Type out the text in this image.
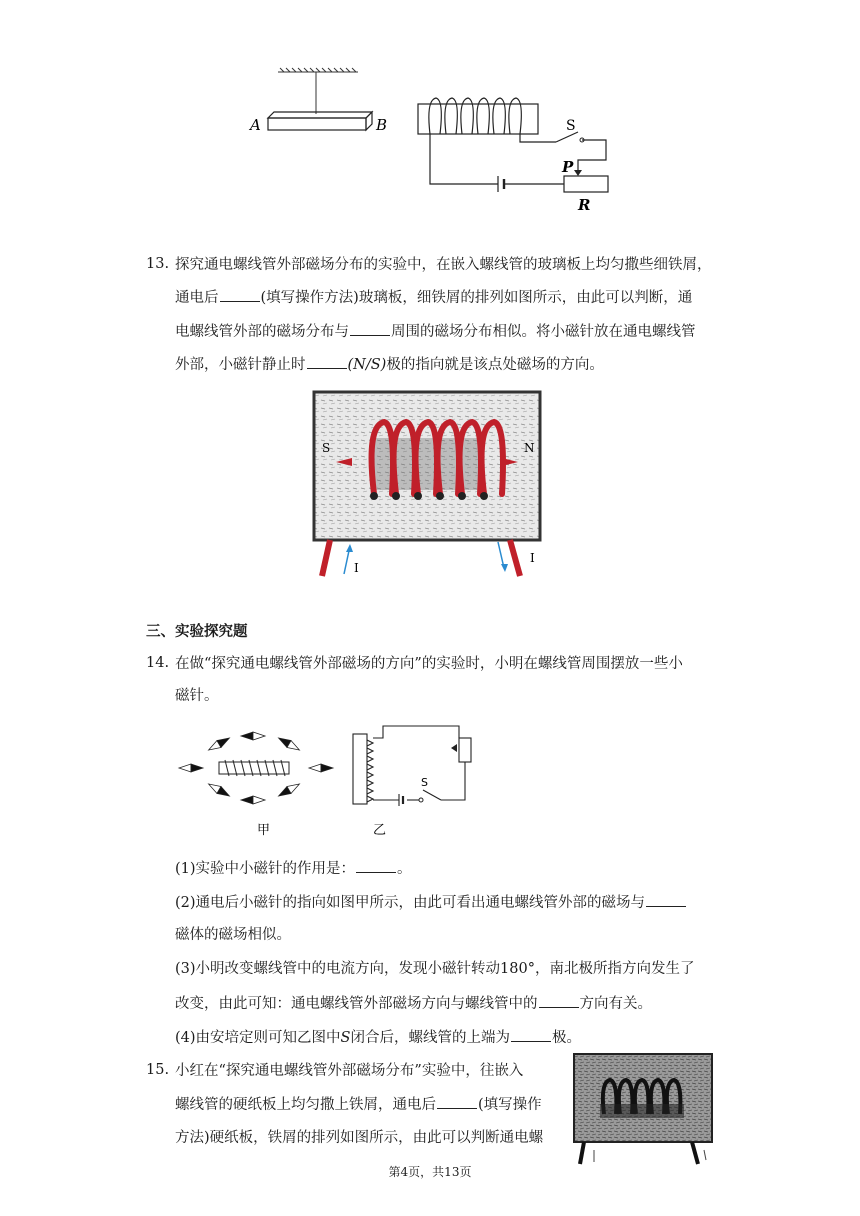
A	B	S
P
R
13. 探究通电螺线管外部磁场分布的实验中，在嵌入螺线管的玻璃板上均匀撒些细铁屑，
通电后	(填写操作方法)玻璃板，细铁屑的排列如图所示，由此可以判断，通
电螺线管外部的磁场分布与	周围的磁场分布相似。将小磁针放在通电螺线管
外部，小磁针静止时	(N/S)极的指向就是该点处磁场的方向。
S	N
I
I
三、实验探究题
14. 在做“探究通电螺线管外部磁场的方向”的实验时，小明在螺线管周围摆放一些小
磁针。
甲
S
乙
(1)实验中小磁针的作用是：	。
(2)通电后小磁针的指向如图甲所示，由此可看出通电螺线管外部的磁场与
磁体的磁场相似。
(3)小明改变螺线管中的电流方向，发现小磁针转动180°，南北极所指方向发生了
改变，由此可知：通电螺线管外部磁场方向与螺线管中的	方向有关。
(4)由安培定则可知乙图中S闭合后，螺线管的上端为	极。
15. 小红在“探究通电螺线管外部磁场分布”实验中，往嵌入
螺线管的硬纸板上均匀撒上铁屑，通电后	(填写操作
方法)硬纸板，铁屑的排列如图所示，由此可以判断通电螺
第4页，共13页
